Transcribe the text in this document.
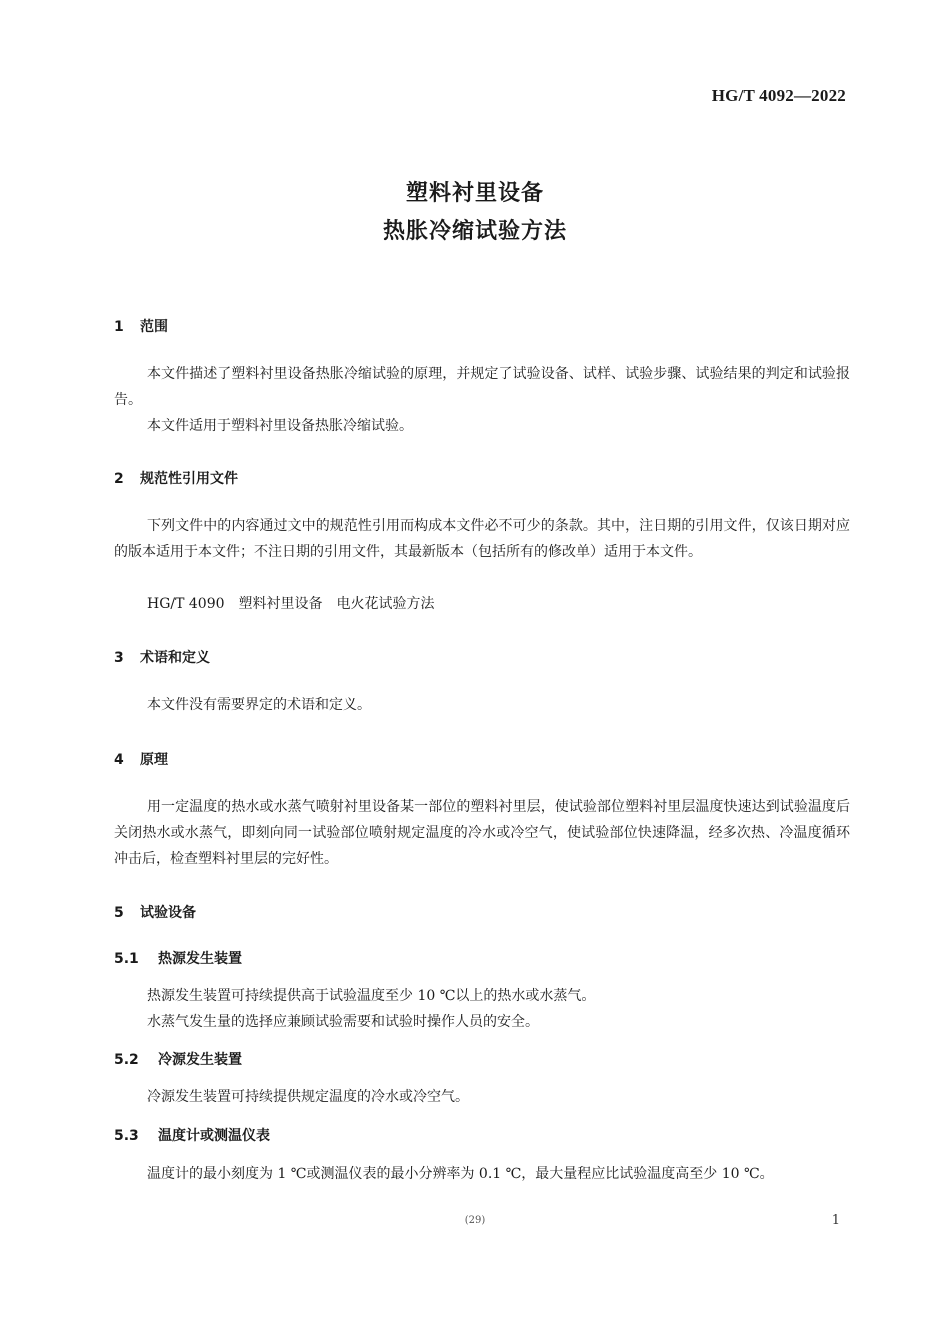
HG/T 4092—2022
塑料衬里设备
热胀冷缩试验方法
1 范围
本文件描述了塑料衬里设备热胀冷缩试验的原理，并规定了试验设备、试样、试验步骤、试验结果的判定和试验报告。
本文件适用于塑料衬里设备热胀冷缩试验。
2 规范性引用文件
下列文件中的内容通过文中的规范性引用而构成本文件必不可少的条款。其中，注日期的引用文件，仅该日期对应的版本适用于本文件；不注日期的引用文件，其最新版本（包括所有的修改单）适用于本文件。
HG/T 4090　塑料衬里设备　电火花试验方法
3 术语和定义
本文件没有需要界定的术语和定义。
4 原理
用一定温度的热水或水蒸气喷射衬里设备某一部位的塑料衬里层，使试验部位塑料衬里层温度快速达到试验温度后关闭热水或水蒸气，即刻向同一试验部位喷射规定温度的冷水或冷空气，使试验部位快速降温，经多次热、冷温度循环冲击后，检查塑料衬里层的完好性。
5 试验设备
5.1 热源发生装置
热源发生装置可持续提供高于试验温度至少 10 ℃以上的热水或水蒸气。
水蒸气发生量的选择应兼顾试验需要和试验时操作人员的安全。
5.2 冷源发生装置
冷源发生装置可持续提供规定温度的冷水或冷空气。
5.3 温度计或测温仪表
温度计的最小刻度为 1 ℃或测温仪表的最小分辨率为 0.1 ℃，最大量程应比试验温度高至少 10 ℃。
(29)	1
